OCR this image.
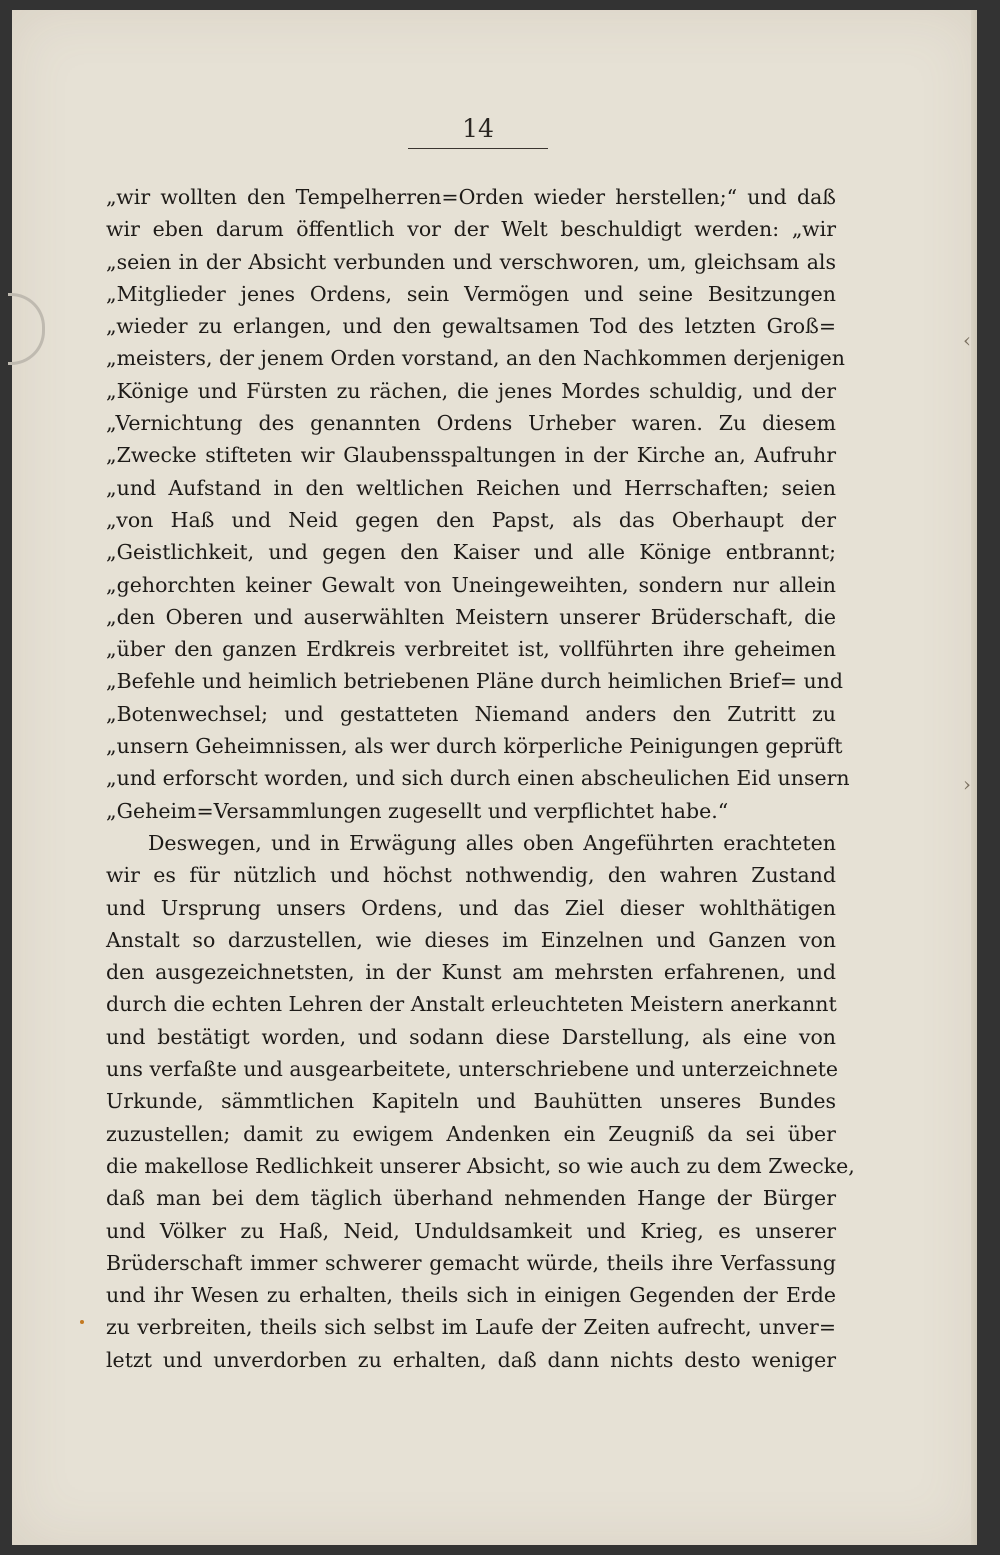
‹
›
14
„wir wollten den Tempelherren=Orden wieder herstellen;“ und daß
wir eben darum öffentlich vor der Welt beschuldigt werden: „wir
„seien in der Absicht verbunden und verschworen, um, gleichsam als
„Mitglieder jenes Ordens, sein Vermögen und seine Besitzungen
„wieder zu erlangen, und den gewaltsamen Tod des letzten Groß=
„meisters, der jenem Orden vorstand, an den Nachkommen derjenigen
„Könige und Fürsten zu rächen, die jenes Mordes schuldig, und der
„Vernichtung des genannten Ordens Urheber waren. Zu diesem
„Zwecke stifteten wir Glaubensspaltungen in der Kirche an, Aufruhr
„und Aufstand in den weltlichen Reichen und Herrschaften; seien
„von Haß und Neid gegen den Papst, als das Oberhaupt der
„Geistlichkeit, und gegen den Kaiser und alle Könige entbrannt;
„gehorchten keiner Gewalt von Uneingeweihten, sondern nur allein
„den Oberen und auserwählten Meistern unserer Brüderschaft, die
„über den ganzen Erdkreis verbreitet ist, vollführten ihre geheimen
„Befehle und heimlich betriebenen Pläne durch heimlichen Brief= und
„Botenwechsel; und gestatteten Niemand anders den Zutritt zu
„unsern Geheimnissen, als wer durch körperliche Peinigungen geprüft
„und erforscht worden, und sich durch einen abscheulichen Eid unsern
„Geheim=Versammlungen zugesellt und verpflichtet habe.“
Deswegen, und in Erwägung alles oben Angeführten erachteten
wir es für nützlich und höchst nothwendig, den wahren Zustand
und Ursprung unsers Ordens, und das Ziel dieser wohlthätigen
Anstalt so darzustellen, wie dieses im Einzelnen und Ganzen von
den ausgezeichnetsten, in der Kunst am mehrsten erfahrenen, und
durch die echten Lehren der Anstalt erleuchteten Meistern anerkannt
und bestätigt worden, und sodann diese Darstellung, als eine von
uns verfaßte und ausgearbeitete, unterschriebene und unterzeichnete
Urkunde, sämmtlichen Kapiteln und Bauhütten unseres Bundes
zuzustellen; damit zu ewigem Andenken ein Zeugniß da sei über
die makellose Redlichkeit unserer Absicht, so wie auch zu dem Zwecke,
daß man bei dem täglich überhand nehmenden Hange der Bürger
und Völker zu Haß, Neid, Unduldsamkeit und Krieg, es unserer
Brüderschaft immer schwerer gemacht würde, theils ihre Verfassung
und ihr Wesen zu erhalten, theils sich in einigen Gegenden der Erde
zu verbreiten, theils sich selbst im Laufe der Zeiten aufrecht, unver=
letzt und unverdorben zu erhalten, daß dann nichts desto weniger
